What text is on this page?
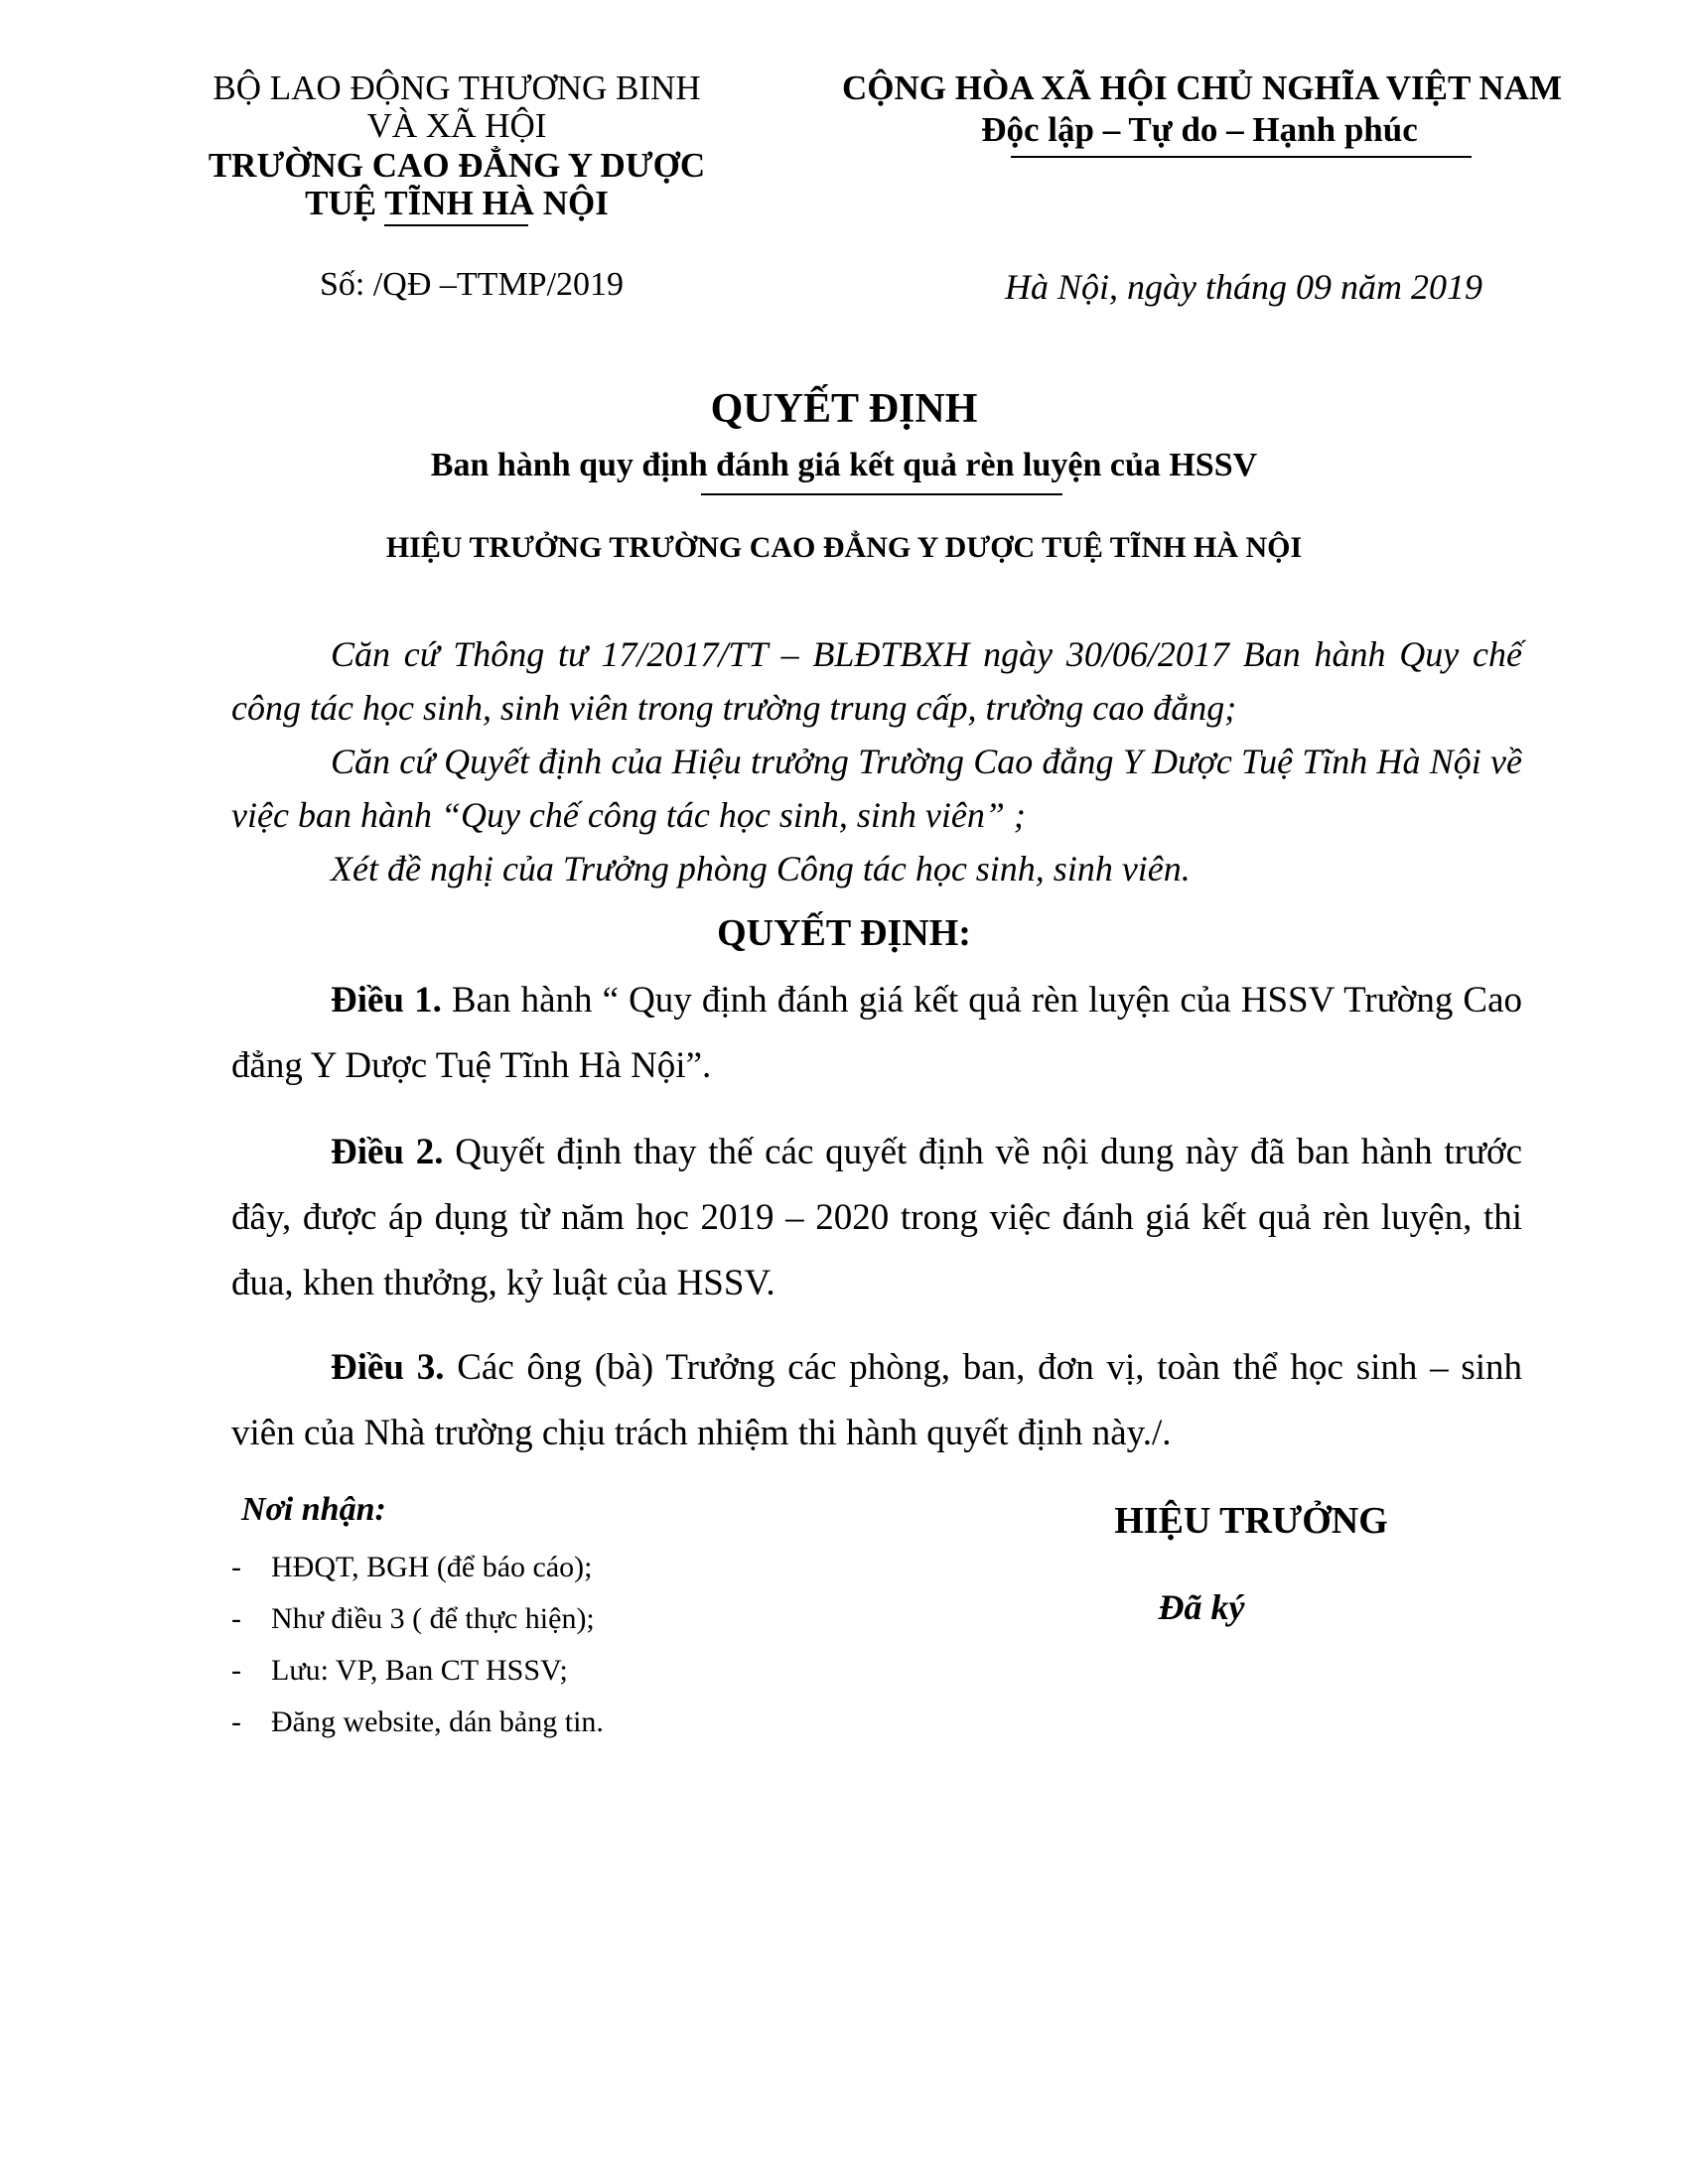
BỘ LAO ĐỘNG THƯƠNG BINH
VÀ XÃ HỘI
TRƯỜNG CAO ĐẲNG Y DƯỢC
TUỆ TĨNH HÀ NỘI
CỘNG HÒA XÃ HỘI CHỦ NGHĨA VIỆT NAM
Độc lập – Tự do – Hạnh phúc
Số: /QĐ –TTMP/2019	Hà Nội, ngày tháng 09 năm 2019
QUYẾT ĐỊNH
Ban hành quy định đánh giá kết quả rèn luyện của HSSV
HIỆU TRƯỞNG TRƯỜNG CAO ĐẲNG Y DƯỢC TUỆ TĨNH HÀ NỘI
Căn cứ Thông tư 17/2017/TT – BLĐTBXH ngày 30/06/2017 Ban hành Quy chế công tác học sinh, sinh viên trong trường trung cấp, trường cao đẳng;
Căn cứ Quyết định của Hiệu trưởng Trường Cao đẳng Y Dược Tuệ Tĩnh Hà Nội về việc ban hành “Quy chế công tác học sinh, sinh viên” ;
Xét đề nghị của Trưởng phòng Công tác học sinh, sinh viên.
QUYẾT ĐỊNH:
Điều 1. Ban hành “ Quy định đánh giá kết quả rèn luyện của HSSV Trường Cao đẳng Y Dược Tuệ Tĩnh Hà Nội”.
Điều 2. Quyết định thay thế các quyết định về nội dung này đã ban hành trước đây, được áp dụng từ năm học 2019 – 2020 trong việc đánh giá kết quả rèn luyện, thi đua, khen thưởng, kỷ luật của HSSV.
Điều 3. Các ông (bà) Trưởng các phòng, ban, đơn vị, toàn thể học sinh – sinh viên của Nhà trường chịu trách nhiệm thi hành quyết định này./.
Nơi nhận:
- HĐQT, BGH (để báo cáo);
- Như điều 3 ( để thực hiện);
- Lưu: VP, Ban CT HSSV;
- Đăng website, dán bảng tin.
HIỆU TRƯỞNG
Đã ký
